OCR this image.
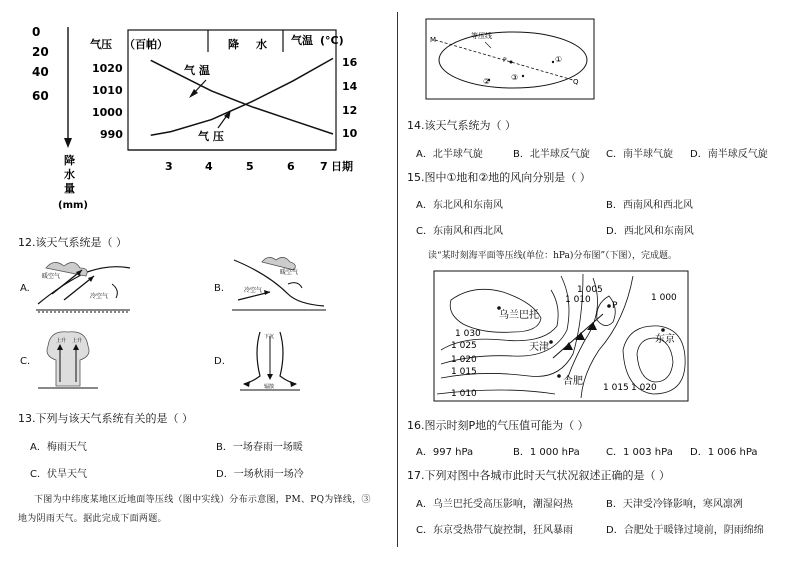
0
20
40
60
降
水
量
(mm)
气压 （百帕）	降 水 气温 (°C)
1020
1010
1000
990
16
14
12
10
3	4	5	6 7 日期
气 温
气 压
12.该天气系统是（ ）
A.
暖空气
冷空气
B.	冷空气
暖空气
C.
上升 上升
D.
下沉
辐散
13.下列与该天气系统有关的是（ ）
A．梅雨天气	B．一场春雨一场暖
C．伏旱天气	D．一场秋雨一场冷
下图为中纬度某地区近地面等压线（图中实线）分布示意图，PM、PQ为锋线，③
地为阴雨天气。据此完成下面两题。
M	等压线
P
Q
①
②	③
14.该天气系统为（ ）
A．北半球气旋	B．北半球反气旋 C．南半球气旋 D．南半球反气旋
15.图中①地和②地的风向分别是（ ）
A．东北风和东南风	B．西南风和西北风
C．东南风和西北风	D．西北风和东南风
读“某时刻海平面等压线(单位：hPa)分布图”（下图），完成题。
1 005
1 000
1 010
1 030
1 025
1 020
1 015
1 010
1 015 1 020
乌兰巴托
天津
东京
合肥
P
16.图示时刻P地的气压值可能为（ ）
A．997 hPa	B．1 000 hPa	C．1 003 hPa D．1 006 hPa
17.下列对图中各城市此时天气状况叙述正确的是（ ）
A．乌兰巴托受高压影响，潮湿闷热	B．天津受冷锋影响，寒风凛冽
C．东京受热带气旋控制，狂风暴雨	D．合肥处于暖锋过境前，阴雨绵绵
